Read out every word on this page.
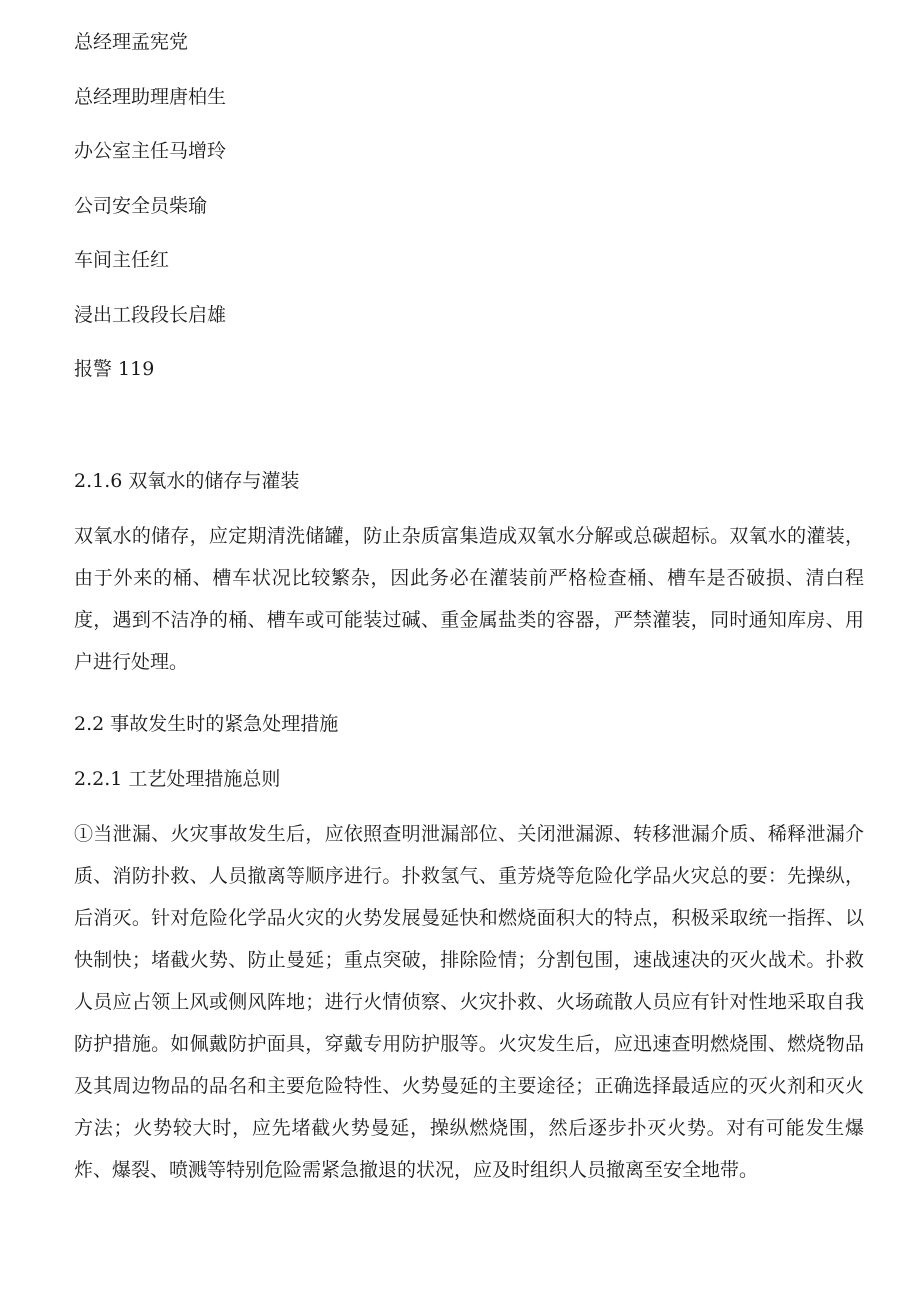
总经理孟宪党
总经理助理唐柏生
办公室主任马增玲
公司安全员柴瑜
车间主任红
浸出工段段长启雄
报警 119
2.1.6 双氧水的储存与灌装
双氧水的储存，应定期清洗储罐，防止杂质富集造成双氧水分解或总碳超标。双氧水的灌装，由于外来的桶、槽车状况比较繁杂，因此务必在灌装前严格检查桶、槽车是否破损、清白程度，遇到不洁净的桶、槽车或可能装过碱、重金属盐类的容器，严禁灌装，同时通知库房、用户进行处理。
2.2 事故发生时的紧急处理措施
2.2.1 工艺处理措施总则
①当泄漏、火灾事故发生后，应依照查明泄漏部位、关闭泄漏源、转移泄漏介质、稀释泄漏介质、消防扑救、人员撤离等顺序进行。扑救氢气、重芳烧等危险化学品火灾总的要：先操纵，后消灭。针对危险化学品火灾的火势发展曼延快和燃烧面积大的特点，积极采取统一指挥、以快制快；堵截火势、防止曼延；重点突破，排除险情；分割包围，速战速决的灭火战术。扑救人员应占领上风或侧风阵地；进行火情侦察、火灾扑救、火场疏散人员应有针对性地采取自我防护措施。如佩戴防护面具，穿戴专用防护服等。火灾发生后，应迅速查明燃烧围、燃烧物品及其周边物品的品名和主要危险特性、火势曼延的主要途径；正确选择最适应的灭火剂和灭火方法；火势较大时，应先堵截火势曼延，操纵燃烧围，然后逐步扑灭火势。对有可能发生爆炸、爆裂、喷溅等特别危险需紧急撤退的状况，应及时组织人员撤离至安全地带。
